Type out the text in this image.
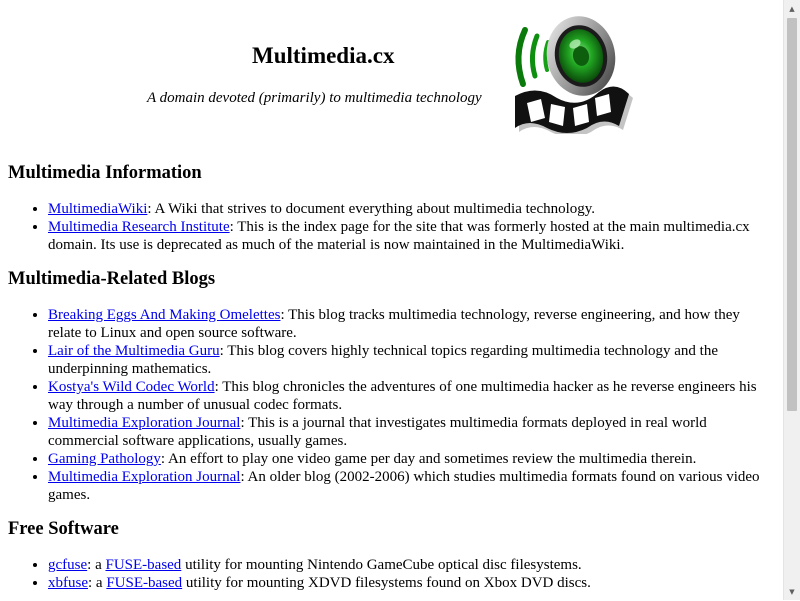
Multimedia.cx

A domain devoted (primarily) to multimedia technology

Multimedia Information
• MultimediaWiki: A Wiki that strives to document everything about multimedia technology.
• Multimedia Research Institute: This is the index page for the site that was formerly hosted at the main multimedia.cx domain. Its use is deprecated as much of the material is now maintained in the MultimediaWiki.
Multimedia-Related Blogs
• Breaking Eggs And Making Omelettes: This blog tracks multimedia technology, reverse engineering, and how they relate to Linux and open source software.
• Lair of the Multimedia Guru: This blog covers highly technical topics regarding multimedia technology and the underpinning mathematics.
• Kostya's Wild Codec World: This blog chronicles the adventures of one multimedia hacker as he reverse engineers his way through a number of unusual codec formats.
• Multimedia Exploration Journal: This is a journal that investigates multimedia formats deployed in real world commercial software applications, usually games.
• Gaming Pathology: An effort to play one video game per day and sometimes review the multimedia therein.
• Multimedia Exploration Journal: An older blog (2002-2006) which studies multimedia formats found on various video games.
Free Software
• gcfuse: a FUSE-based utility for mounting Nintendo GameCube optical disc filesystems.
• xbfuse: a FUSE-based utility for mounting XDVD filesystems found on Xbox DVD discs.
▲
▼
